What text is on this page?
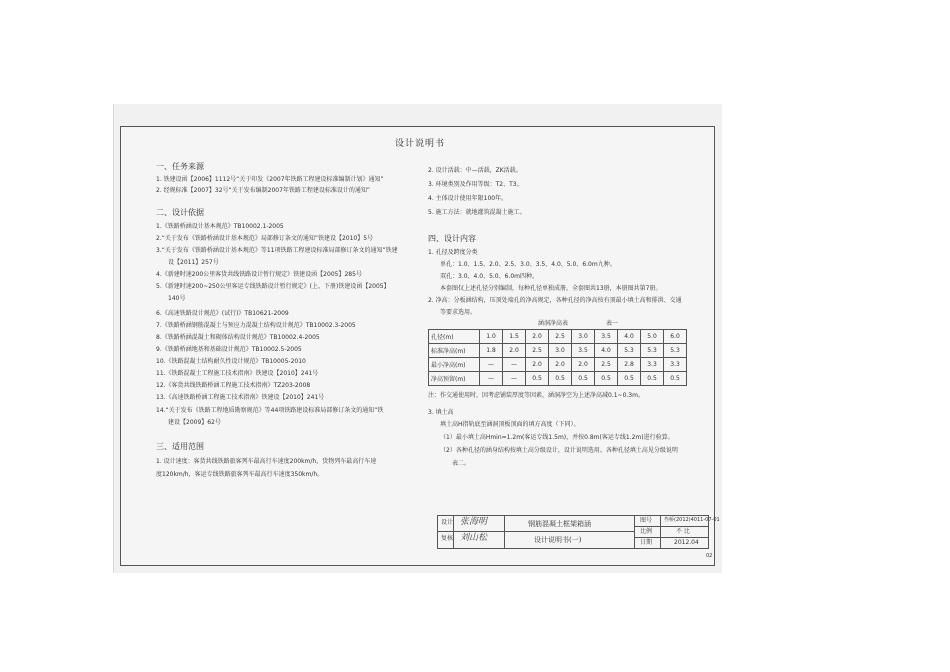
设计说明书
一、任务来源
1. 铁建设函【2006】1112号“关于印发《2007年铁路工程建设标准编制计划》通知”
2. 经规标准【2007】32号“关于发布编制2007年铁路工程建设标准设计的通知”
二、设计依据
1.《铁路桥涵设计基本规范》TB10002.1-2005
2.“关于发布《铁路桥涵设计基本规范》局部修订条文的通知”铁建设【2010】5号
3.“关于发布《铁路桥涵设计基本规范》等11项铁路工程建设标准局部修订条文的通知”铁建
设【2011】257号
4.《新建时速200公里客货共线铁路设计暂行规定》铁建设函【2005】285号
5.《新建时速200~250公里客运专线铁路设计暂行规定》(上、下册)铁建设函【2005】
140号
6.《高速铁路设计规范》(试行)》TB10621-2009
7.《铁路桥涵钢筋混凝土与预应力混凝土结构设计规范》TB10002.3-2005
8.《铁路桥涵混凝土和砌体结构设计规范》TB10002.4-2005
9.《铁路桥涵地基和基础设计规范》TB10002.5-2005
10.《铁路混凝土结构耐久性设计规范》TB10005-2010
11.《铁路混凝土工程施工技术指南》铁建设【2010】241号
12.《客货共线铁路桥涵工程施工技术指南》TZ203-2008
13.《高速铁路桥涵工程施工技术指南》铁建设【2010】241号
14.“关于发布《铁路工程地质勘察规范》等44项铁路建设标准局部修订条文的通知”铁
建设【2009】62号
三、适用范围
1. 设计速度：客货共线铁路旅客列车最高行车速度200km/h，货物列车最高行车速
度120km/h，客运专线铁路旅客列车最高行车速度350km/h。
2. 设计活载：中—活载，ZK活载。
3. 环境类别及作用等级：T2、T3。
4. 主体设计使用年限100年。
5. 施工方法：就地灌筑混凝土施工。
四、设计内容
1. 孔径及跨度分类
单孔：1.0、1.5、2.0、2.5、3.0、3.5、4.0、5.0、6.0m九种。
双孔：3.0、4.0、5.0、6.0m四种。
本套图仅上述孔径分别编制，每种孔径单独成册，全套图共13册，本册图共第7册。
2. 净高：分板涵结构，压顶处端孔的净高规定，各种孔径的净高按有顶最小填土高和排洪、交通
等要求选用。
涵洞净高表	表一
孔径(m)	1.0	1.5	2.0	2.5	3.0	3.5	4.0	5.0	6.0
标准净高(m)	1.8	2.0	2.5	3.0	3.5	4.0	5.3	5.3	5.3
最小净高(m)	—	—	2.0	2.0	2.0	2.5	2.8	3.3	3.3
净高预留(m)	—	—	0.5	0.5	0.5	0.5	0.5	0.5	0.5
注：作交通使用时，因考虑铺装厚度等因素，涵洞净空为上述净高减0.1~0.3m。
3. 填土高
填土高H指轨底至涵洞顶板顶面的填方高度（下同）。
（1）最小填土高Hmin=1.2m(客运专线1.5m)，并按0.8m(客运专线1.2m)进行验算。
（2）各种孔径的涵身结构按填土高分级设计，设计说明选用。各种孔径填土高见分级说明
表二。
设计
复核
张海明
刘山松
钢筋混凝土框架箱涵
设计说明书(一)
图号 叁桥(2012)4011-07-01
比例	不 比
日期	2012.04
02
